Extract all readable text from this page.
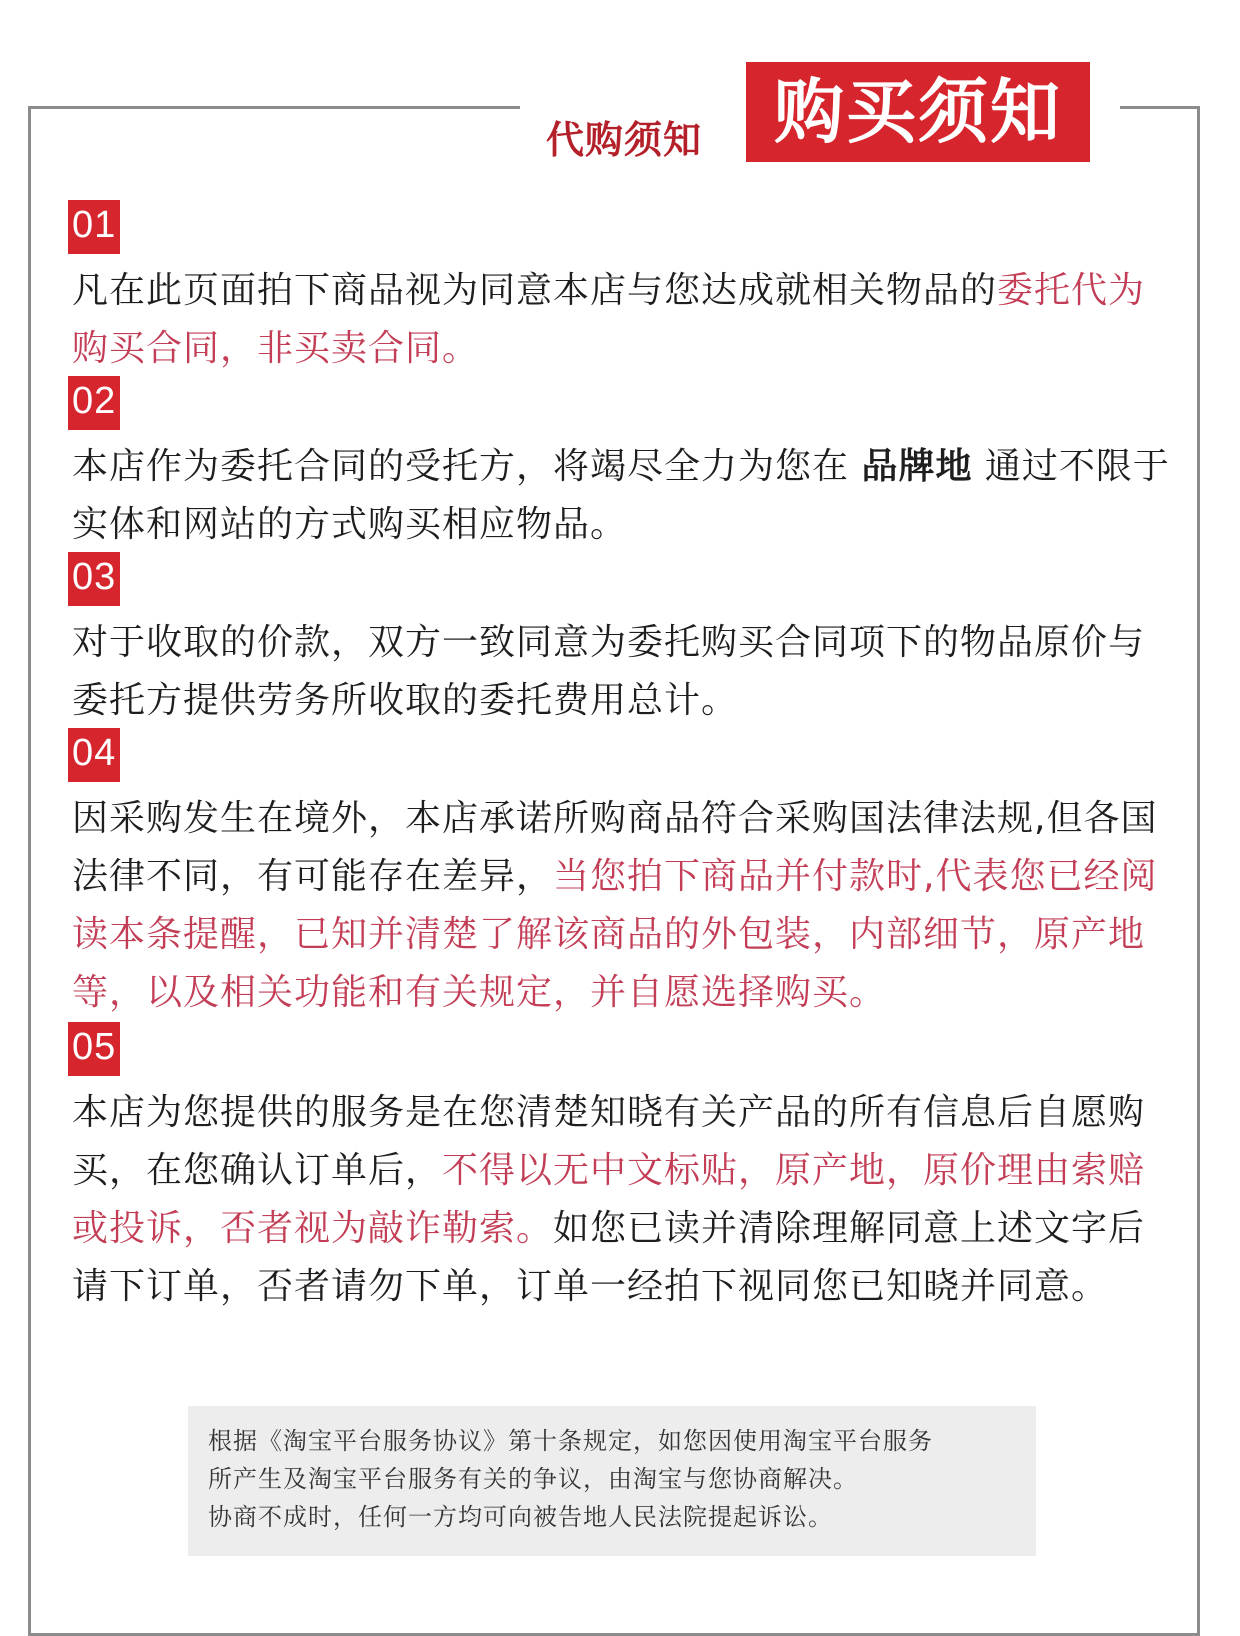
代购须知	购买须知
01
凡在此页面拍下商品视为同意本店与您达成就相关物品的委托代为购买合同，非买卖合同。
02
本店作为委托合同的受托方，将竭尽全力为您在 品牌地 通过不限于实体和网站的方式购买相应物品。
03
对于收取的价款，双方一致同意为委托购买合同项下的物品原价与委托方提供劳务所收取的委托费用总计。
04
因采购发生在境外，本店承诺所购商品符合采购国法律法规,但各国法律不同，有可能存在差异，当您拍下商品并付款时,代表您已经阅读本条提醒，已知并清楚了解该商品的外包装，内部细节，原产地等，以及相关功能和有关规定，并自愿选择购买。
05
本店为您提供的服务是在您清楚知晓有关产品的所有信息后自愿购买，在您确认订单后，不得以无中文标贴，原产地，原价理由索赔或投诉，否者视为敲诈勒索。如您已读并清除理解同意上述文字后请下订单，否者请勿下单，订单一经拍下视同您已知晓并同意。
根据《淘宝平台服务协议》第十条规定，如您因使用淘宝平台服务
所产生及淘宝平台服务有关的争议，由淘宝与您协商解决。
协商不成时，任何一方均可向被告地人民法院提起诉讼。
